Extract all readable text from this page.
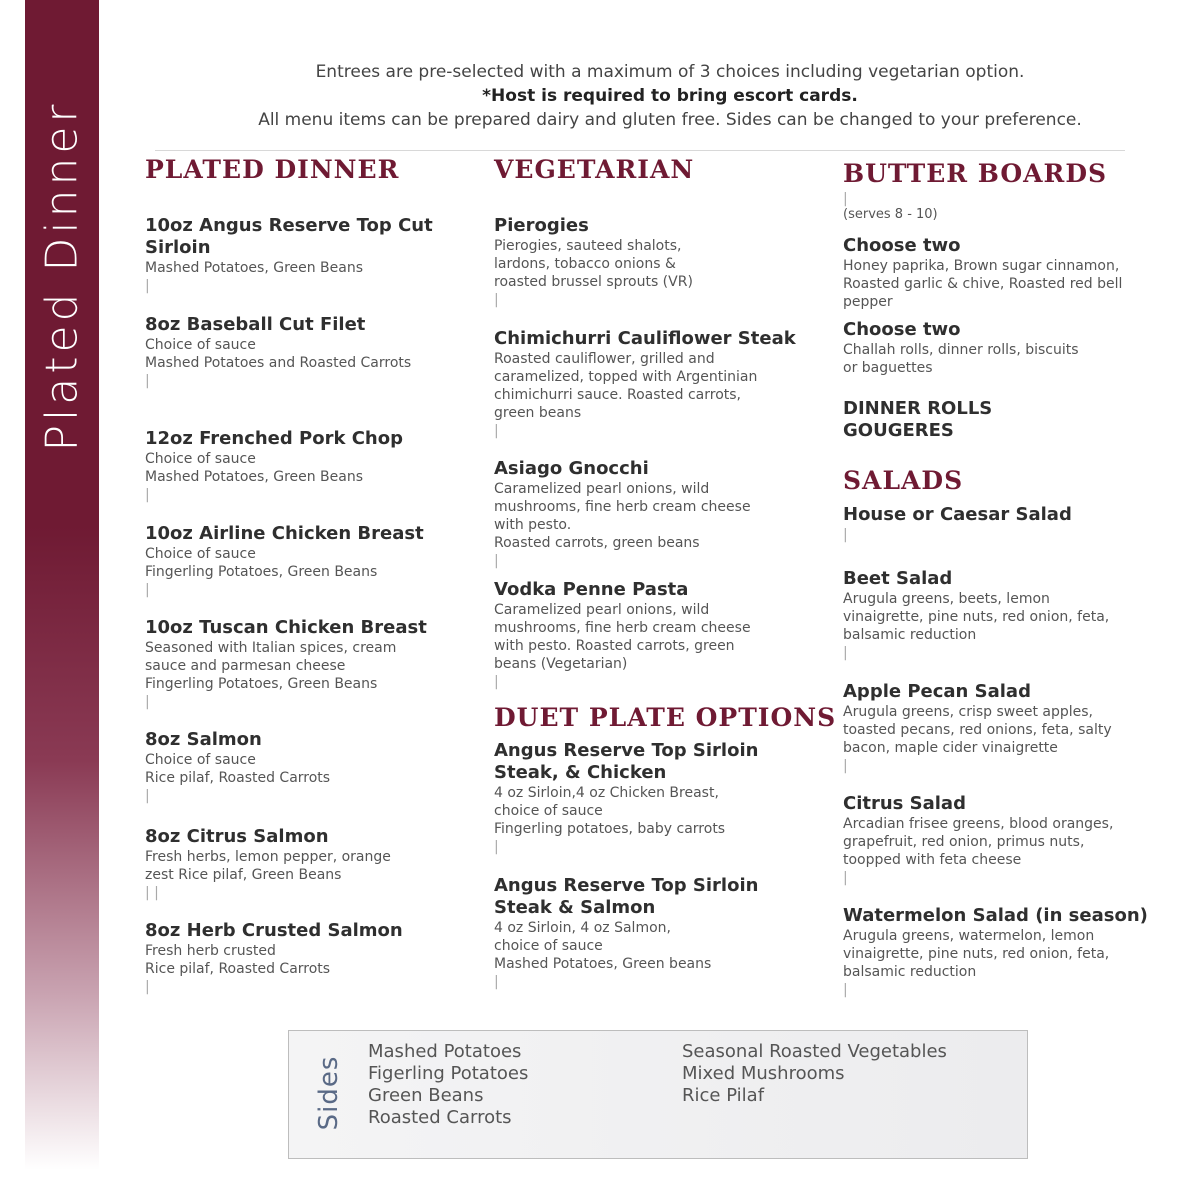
Plated Dinner
Entrees are pre-selected with a maximum of 3 choices including vegetarian option.
*Host is required to bring escort cards.
All menu items can be prepared dairy and gluten free. Sides can be changed to your preference.
PLATED DINNER
10oz Angus Reserve Top Cut
Sirloin
Mashed Potatoes, Green Beans
|
8oz Baseball Cut Filet
Choice of sauce
Mashed Potatoes and Roasted Carrots
|
12oz Frenched Pork Chop
Choice of sauce
Mashed Potatoes, Green Beans
|
10oz Airline Chicken Breast
Choice of sauce
Fingerling Potatoes, Green Beans
|
10oz Tuscan Chicken Breast
Seasoned with Italian spices, cream
sauce and parmesan cheese
Fingerling Potatoes, Green Beans
|
8oz Salmon
Choice of sauce
Rice pilaf, Roasted Carrots
|
8oz Citrus Salmon
Fresh herbs, lemon pepper, orange
zest Rice pilaf, Green Beans
| |
8oz Herb Crusted Salmon
Fresh herb crusted
Rice pilaf, Roasted Carrots
|
VEGETARIAN
Pierogies
Pierogies, sauteed shalots,
lardons, tobacco onions &
roasted brussel sprouts (VR)
|
Chimichurri Cauliflower Steak
Roasted cauliflower, grilled and
caramelized, topped with Argentinian
chimichurri sauce. Roasted carrots,
green beans
|
Asiago Gnocchi
Caramelized pearl onions, wild
mushrooms, fine herb cream cheese
with pesto.
Roasted carrots, green beans
|
Vodka Penne Pasta
Caramelized pearl onions, wild
mushrooms, fine herb cream cheese
with pesto. Roasted carrots, green
beans (Vegetarian)
|
DUET PLATE OPTIONS
Angus Reserve Top Sirloin
Steak, & Chicken
4 oz Sirloin,4 oz Chicken Breast,
choice of sauce
Fingerling potatoes, baby carrots
|
Angus Reserve Top Sirloin
Steak & Salmon
4 oz Sirloin, 4 oz Salmon,
choice of sauce
Mashed Potatoes, Green beans
|
BUTTER BOARDS
|
(serves 8 - 10)
Choose two
Honey paprika, Brown sugar cinnamon,
Roasted garlic & chive, Roasted red bell
pepper
Choose two
Challah rolls, dinner rolls, biscuits
or baguettes
DINNER ROLLS
GOUGERES
SALADS
House or Caesar Salad
|
Beet Salad
Arugula greens, beets, lemon
vinaigrette, pine nuts, red onion, feta,
balsamic reduction
|
Apple Pecan Salad
Arugula greens, crisp sweet apples,
toasted pecans, red onions, feta, salty
bacon, maple cider vinaigrette
|
Citrus Salad
Arcadian frisee greens, blood oranges,
grapefruit, red onion, primus nuts,
toopped with feta cheese
|
Watermelon Salad (in season)
Arugula greens, watermelon, lemon
vinaigrette, pine nuts, red onion, feta,
balsamic reduction
|
Sides
Mashed Potatoes
Figerling Potatoes
Green Beans
Roasted Carrots
Seasonal Roasted Vegetables
Mixed Mushrooms
Rice Pilaf
